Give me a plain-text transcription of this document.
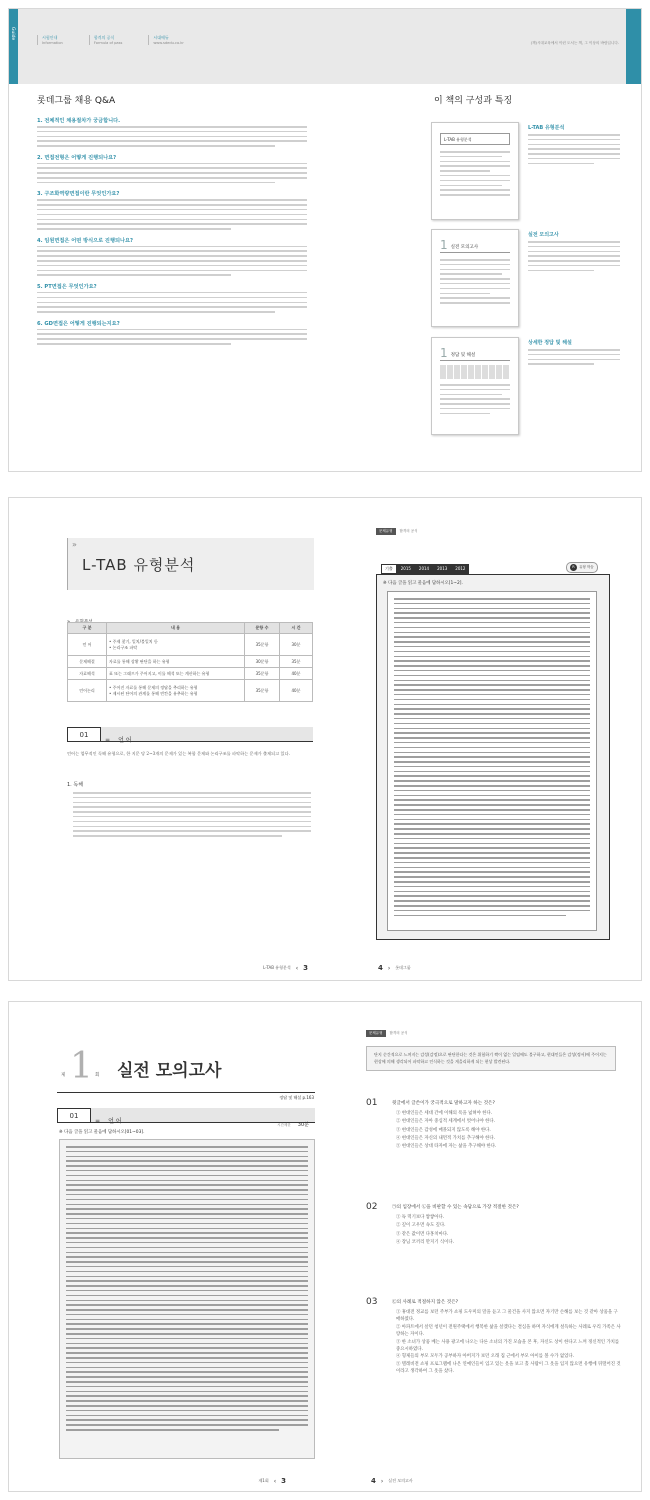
Guide	시험안내
Information
합격의 공식
Formula of pass
시대에듀
www.sdedu.co.kr
롯데그룹 채용 Q&A
1. 전체적인 채용절차가 궁금합니다.
2. 면접전형은 어떻게 진행되나요?
3. 구조화역량면접이란 무엇인가요?
4. 임원면접은 어떤 방식으로 진행되나요?
5. PT면접은 무엇인가요?
6. GD면접은 어떻게 진행되는지요?
(책)시대교육에서 이런 도서는 책, 그 이상의 바람입니다.
이 책의 구성과 특징
L-TAB 유형분석
L-TAB 유형분석
1 실전 모의고사
실전 모의고사
1 정답 및 해설
상세한 정답 및 해설
»
L-TAB 유형분석
» 유형분석
구 분	내 용	문항 수	시 간
언 어	• 주제 찾기, 일치/불일치 등
• 논리구조 파악	35문항	30분
문제해결	자료를 통해 상황 판단을 하는 유형	30문항	35분
자료해석	표 또는 그래프가 주어지고, 이를 해석 또는 계산하는 유형	35문항	40분
언어논리	• 주어진 자료를 통해 문제의 정답을 추리하는 유형
• 제시된 단어의 관계를 통해 빈칸을 유추하는 유형	35문항	40분
01
≡ 언 어
언어는 업무적인 독해 유형으로, 한 지문 당 2~3개의 문제가 있는 복합 문제와 논리구조를 파악하는 문제가 출제되고 있다.
1. 독해
L-TAB 유형분석 ‹ 3
문제유형	합격의 공식
기출	2015	2014	2013	2012	R	유형 학습
※ 다음 글을 읽고 물음에 답하시오[1~2].
4 › 롯데그룹
제 1 회 실전 모의고사
정답 및 해설 p.163
01
≡ 언 어	시간제한 30분
※ 다음 글을 읽고 물음에 답하시오[01~03].
제1회 ‹ 3
문제유형	합격의 공식
단지 순간적으로 느껴지는 감성(감정)으로 판단한다는 것은 위험하기 짝이 없는 일임에도 불구하고, 현대인들은 감성(정서)에 주어지는 현상에 의해 생각되어 파악하고 인식하는 것을 게을리하게 되는 현상 발견된다.
01	윗글에서 글쓴이가 궁극적으로 말하고자 하는 것은?
① 현대인들은 세대 간에 이해의 폭을 넓혀야 한다.
② 현대인들은 자아 중심적 세계에서 벗어나야 한다.
③ 현대인들은 감성에 매몰되지 않도록 해야 한다.
④ 현대인들은 자신의 내면적 가치를 추구해야 한다.
⑤ 현대인들은 상대 타자에 자는 삶을 추구해야 한다.
02	㉠의 입장에서 ㉡을 비판할 수 있는 속담으로 가장 적절한 것은?
① 독 떡기보다 쌓쌓아다.
② 깊이 고우면 속도 깊다.
③ 같은 값이면 다홍치마다.
④ 장님 코끼리 만지기 식이다.
03	㉢의 사례로 적절하지 않은 것은?
① 휴대전 정교를 보던 주부가 쇼핑 도우미의 말을 듣고 그 물건을 사지 않으면 자기만 손해를 보는 것 같아 상품을 구매하였다.
② 아파트에서 살던 청년이 전원주택에서 행복한 삶을 살겠다는 결심을 하며 자식에게 설득하는 사례로 우리 가족은 사랑하는 자이다.
③ 한 소녀가 상품 베는 사용 광고에 나오는 다른 소녀의 가진 모습을 본 후, 자신도 상이 한다고 느껴 정신적인 가치를 중요시하였다.
④ 형제들의 부모 모두가 공부하자 아버지가 보던 오래 집 근에서 부모 아이를 볼 수가 없었다.
⑤ 텔레비전 쇼핑 프로그램에 나온 연예인들이 입고 있는 옷을 보고 홀 사람이 그 옷을 입지 않으면 유행에 뒤떨어진 것이라고 생각하여 그 옷을 샀다.
4 › 실전 모의고사
